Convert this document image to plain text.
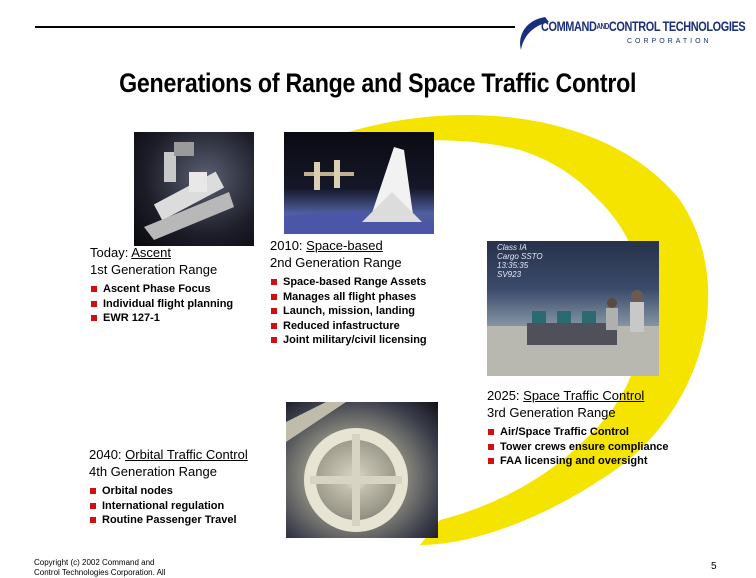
COMMANDANDCONTROL TECHNOLOGIES
CORPORATION
Generations of Range and Space Traffic Control
Class IA
Cargo SSTO
13:35:35
SV923
Today: Ascent
1st Generation Range
Ascent Phase Focus
Individual flight planning
EWR 127-1
2010: Space-based
2nd Generation Range
Space-based Range Assets
Manages all flight phases
Launch, mission, landing
Reduced infastructure
Joint military/civil licensing
2025: Space Traffic Control
3rd Generation Range
Air/Space Traffic Control
Tower crews ensure compliance
FAA licensing and oversight
2040: Orbital Traffic Control
4th Generation Range
Orbital nodes
International regulation
Routine Passenger Travel
Copyright (c) 2002 Command and
Control Technologies Corporation. All
5
